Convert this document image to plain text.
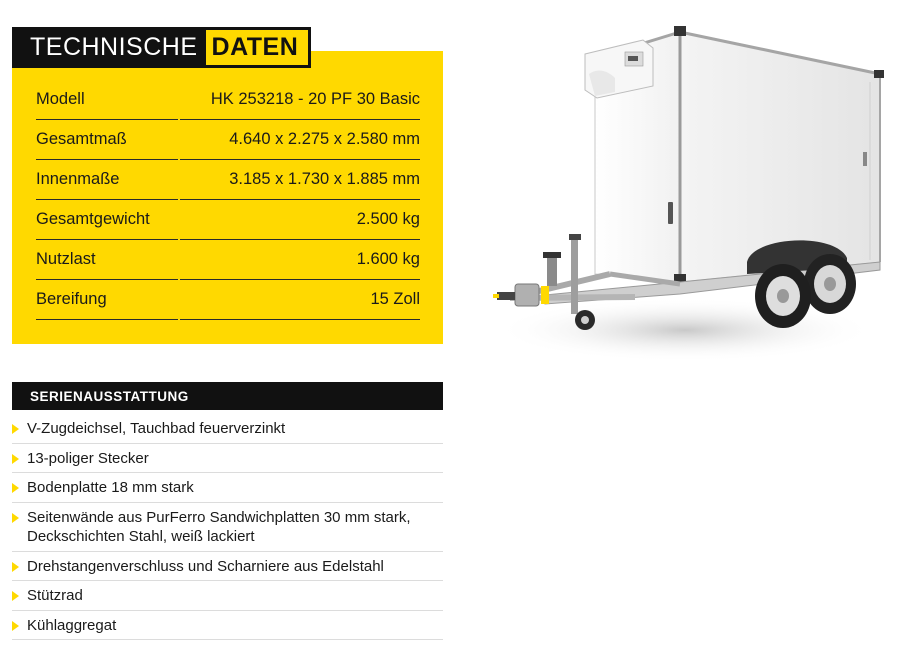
TECHNISCHE DATEN
Modell	HK 253218 - 20 PF 30 Basic
Gesamtmaß	4.640 x 2.275 x 2.580 mm
Innenmaße	3.185 x 1.730 x 1.885 mm
Gesamtgewicht	2.500 kg
Nutzlast	1.600 kg
Bereifung	15 Zoll
SERIENAUSSTATTUNG
V-Zugdeichsel, Tauchbad feuerverzinkt
13-poliger Stecker
Bodenplatte 18 mm stark
Seitenwände aus PurFerro Sandwichplatten 30 mm stark,
Deckschichten Stahl, weiß lackiert
Drehstangenverschluss und Scharniere aus Edelstahl
Stützrad
Kühlaggregat
